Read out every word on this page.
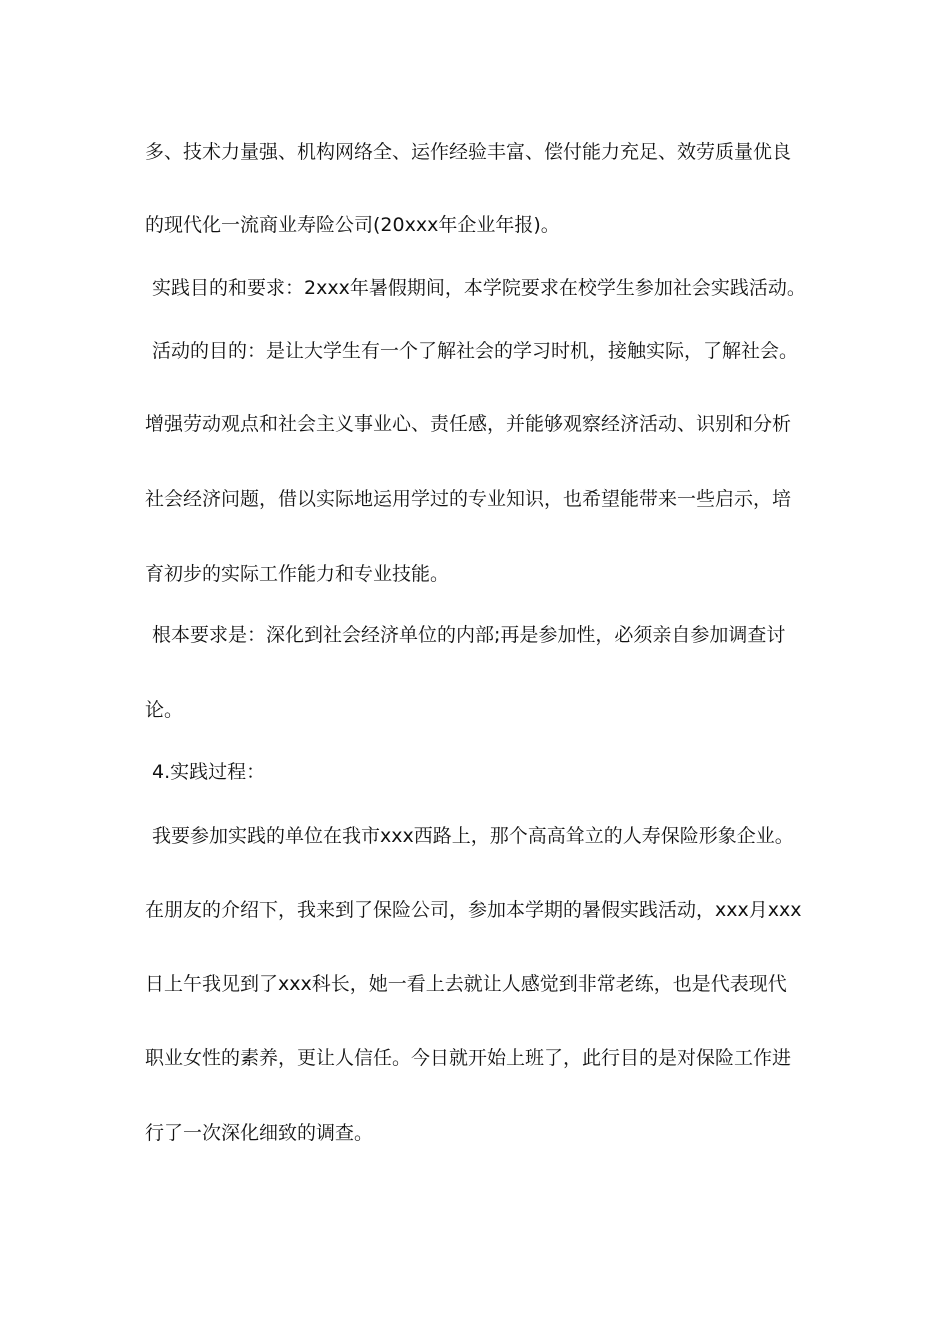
多、技术力量强、机构网络全、运作经验丰富、偿付能力充足、效劳质量优良
的现代化一流商业寿险公司(20xxx年企业年报)。
实践目的和要求：2xxx年暑假期间，本学院要求在校学生参加社会实践活动。
活动的目的：是让大学生有一个了解社会的学习时机，接触实际，了解社会。
增强劳动观点和社会主义事业心、责任感，并能够观察经济活动、识别和分析
社会经济问题，借以实际地运用学过的专业知识，也希望能带来一些启示，培
育初步的实际工作能力和专业技能。
根本要求是：深化到社会经济单位的内部;再是参加性，必须亲自参加调查讨
论。
4.实践过程：
我要参加实践的单位在我市xxx西路上，那个高高耸立的人寿保险形象企业。
在朋友的介绍下，我来到了保险公司，参加本学期的暑假实践活动，xxx月xxx
日上午我见到了xxx科长，她一看上去就让人感觉到非常老练，也是代表现代
职业女性的素养，更让人信任。今日就开始上班了，此行目的是对保险工作进
行了一次深化细致的调查。
